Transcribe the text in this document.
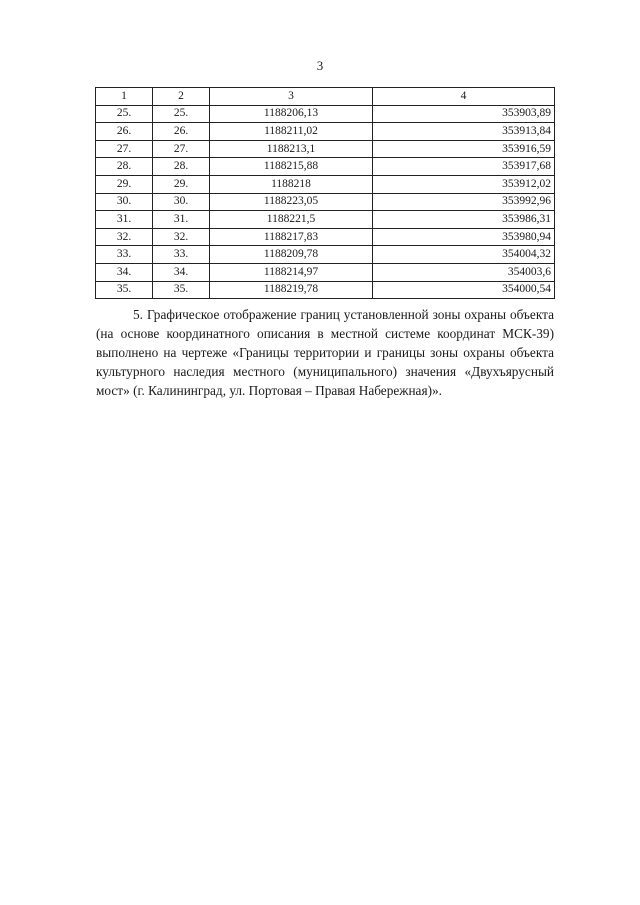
3
1	2	3	4
25.	25.	1188206,13	353903,89
26.	26.	1188211,02	353913,84
27.	27.	1188213,1	353916,59
28.	28.	1188215,88	353917,68
29.	29.	1188218	353912,02
30.	30.	1188223,05	353992,96
31.	31.	1188221,5	353986,31
32.	32.	1188217,83	353980,94
33.	33.	1188209,78	354004,32
34.	34.	1188214,97	354003,6
35.	35.	1188219,78	354000,54

5. Графическое отображение границ установленной зоны охраны объекта (на основе координатного описания в местной системе координат МСК-39) выполнено на чертеже «Границы территории и границы зоны охраны объекта культурного наследия местного (муниципального) значения «Двухъярусный мост» (г. Калининград, ул. Портовая – Правая Набережная)».
